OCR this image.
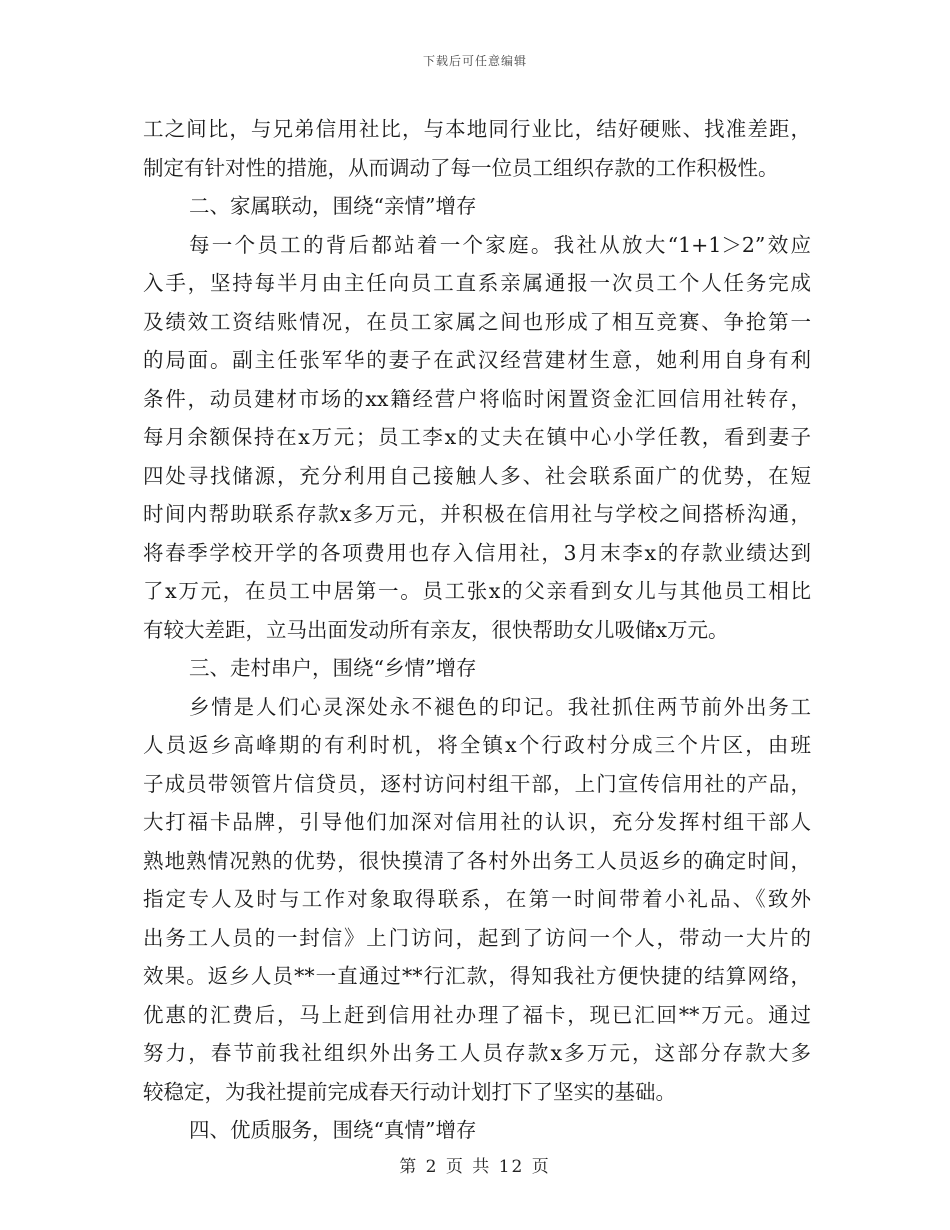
下载后可任意编辑
工之间比，与兄弟信用社比，与本地同行业比，结好硬账、找准差距，
制定有针对性的措施，从而调动了每一位员工组织存款的工作积极性。
二、家属联动，围绕“亲情”增存
每一个员工的背后都站着一个家庭。我社从放大“1+1＞2”效应
入手，坚持每半月由主任向员工直系亲属通报一次员工个人任务完成
及绩效工资结账情况，在员工家属之间也形成了相互竞赛、争抢第一
的局面。副主任张军华的妻子在武汉经营建材生意，她利用自身有利
条件，动员建材市场的xx籍经营户将临时闲置资金汇回信用社转存，
每月余额保持在x万元；员工李x的丈夫在镇中心小学任教，看到妻子
四处寻找储源，充分利用自己接触人多、社会联系面广的优势，在短
时间内帮助联系存款x多万元，并积极在信用社与学校之间搭桥沟通，
将春季学校开学的各项费用也存入信用社，3月末李x的存款业绩达到
了x万元，在员工中居第一。员工张x的父亲看到女儿与其他员工相比
有较大差距，立马出面发动所有亲友，很快帮助女儿吸储x万元。
三、走村串户，围绕“乡情”增存
乡情是人们心灵深处永不褪色的印记。我社抓住两节前外出务工
人员返乡高峰期的有利时机，将全镇x个行政村分成三个片区，由班
子成员带领管片信贷员，逐村访问村组干部，上门宣传信用社的产品，
大打福卡品牌，引导他们加深对信用社的认识，充分发挥村组干部人
熟地熟情况熟的优势，很快摸清了各村外出务工人员返乡的确定时间，
指定专人及时与工作对象取得联系，在第一时间带着小礼品、《致外
出务工人员的一封信》上门访问，起到了访问一个人，带动一大片的
效果。返乡人员**一直通过**行汇款，得知我社方便快捷的结算网络，
优惠的汇费后，马上赶到信用社办理了福卡，现已汇回**万元。通过
努力，春节前我社组织外出务工人员存款x多万元，这部分存款大多
较稳定，为我社提前完成春天行动计划打下了坚实的基础。
四、优质服务，围绕“真情”增存
第 2 页 共 12 页
